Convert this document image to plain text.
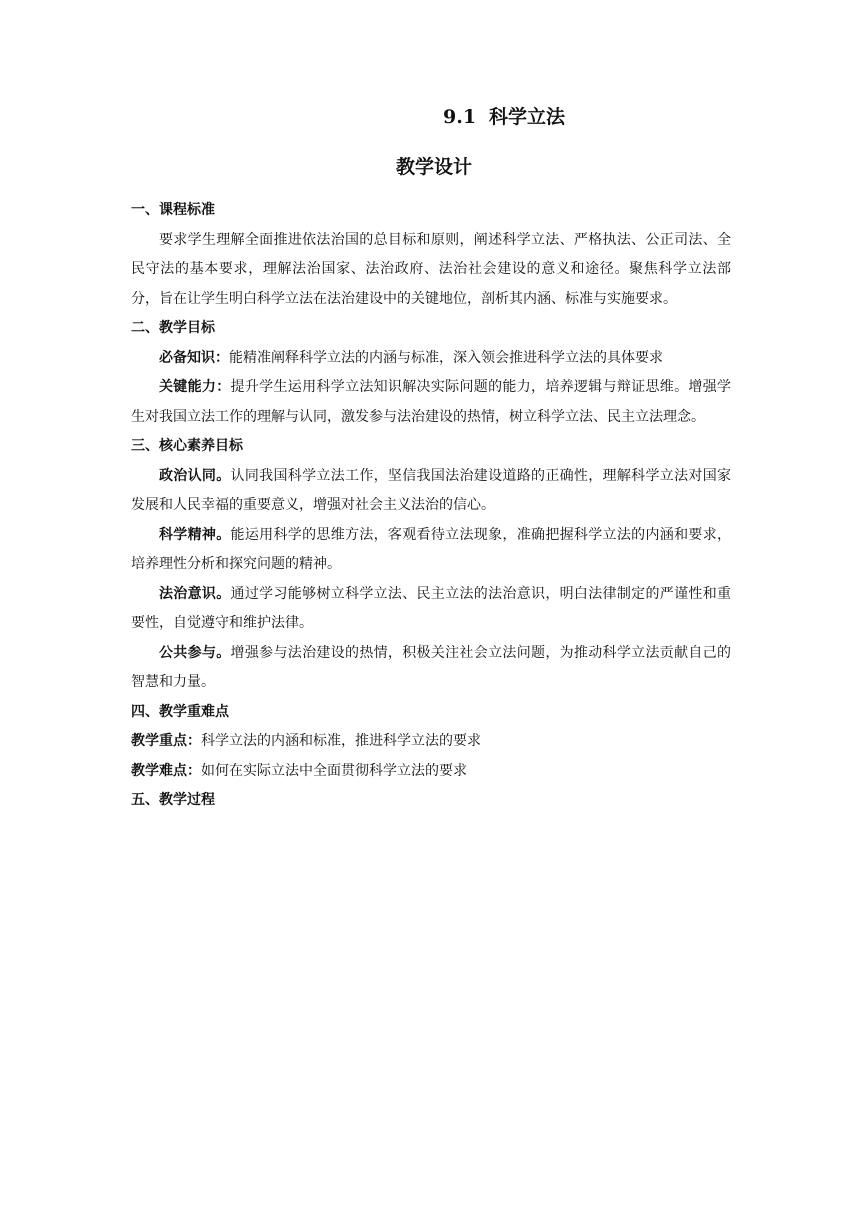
9.1 科学立法
教学设计

一、课程标准

要求学生理解全面推进依法治国的总目标和原则，阐述科学立法、严格执法、公正司法、全民守法的基本要求，理解法治国家、法治政府、法治社会建设的意义和途径。聚焦科学立法部分，旨在让学生明白科学立法在法治建设中的关键地位，剖析其内涵、标准与实施要求。

二、教学目标

必备知识：能精准阐释科学立法的内涵与标准，深入领会推进科学立法的具体要求

关键能力：提升学生运用科学立法知识解决实际问题的能力，培养逻辑与辩证思维。增强学生对我国立法工作的理解与认同，激发参与法治建设的热情，树立科学立法、民主立法理念。

三、核心素养目标

政治认同。认同我国科学立法工作，坚信我国法治建设道路的正确性，理解科学立法对国家发展和人民幸福的重要意义，增强对社会主义法治的信心。

科学精神。能运用科学的思维方法，客观看待立法现象，准确把握科学立法的内涵和要求，培养理性分析和探究问题的精神。

法治意识。通过学习能够树立科学立法、民主立法的法治意识，明白法律制定的严谨性和重要性，自觉遵守和维护法律。

公共参与。增强参与法治建设的热情，积极关注社会立法问题，为推动科学立法贡献自己的智慧和力量。

四、教学重难点

教学重点：科学立法的内涵和标准，推进科学立法的要求

教学难点：如何在实际立法中全面贯彻科学立法的要求

五、教学过程
